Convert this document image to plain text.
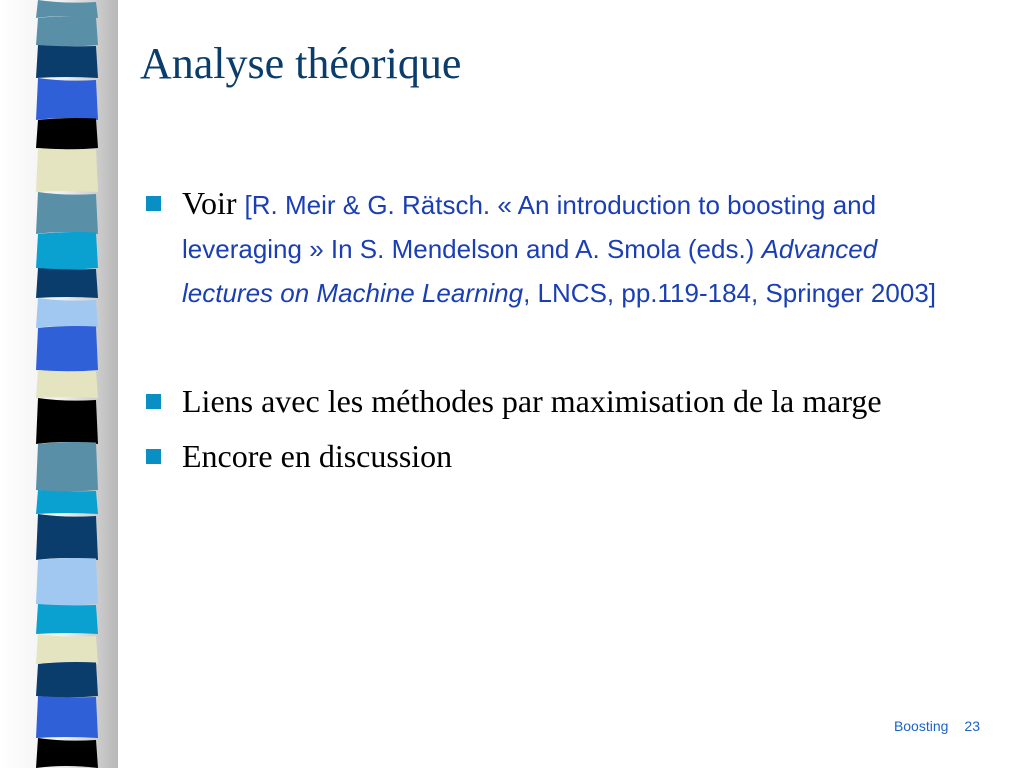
Analyse théorique
Voir [R. Meir & G. Rätsch. « An introduction to boosting and leveraging » In S. Mendelson and A. Smola (eds.) Advanced lectures on Machine Learning, LNCS, pp.119-184, Springer 2003]
Liens avec les méthodes par maximisation de la marge
Encore en discussion
Boosting 23
